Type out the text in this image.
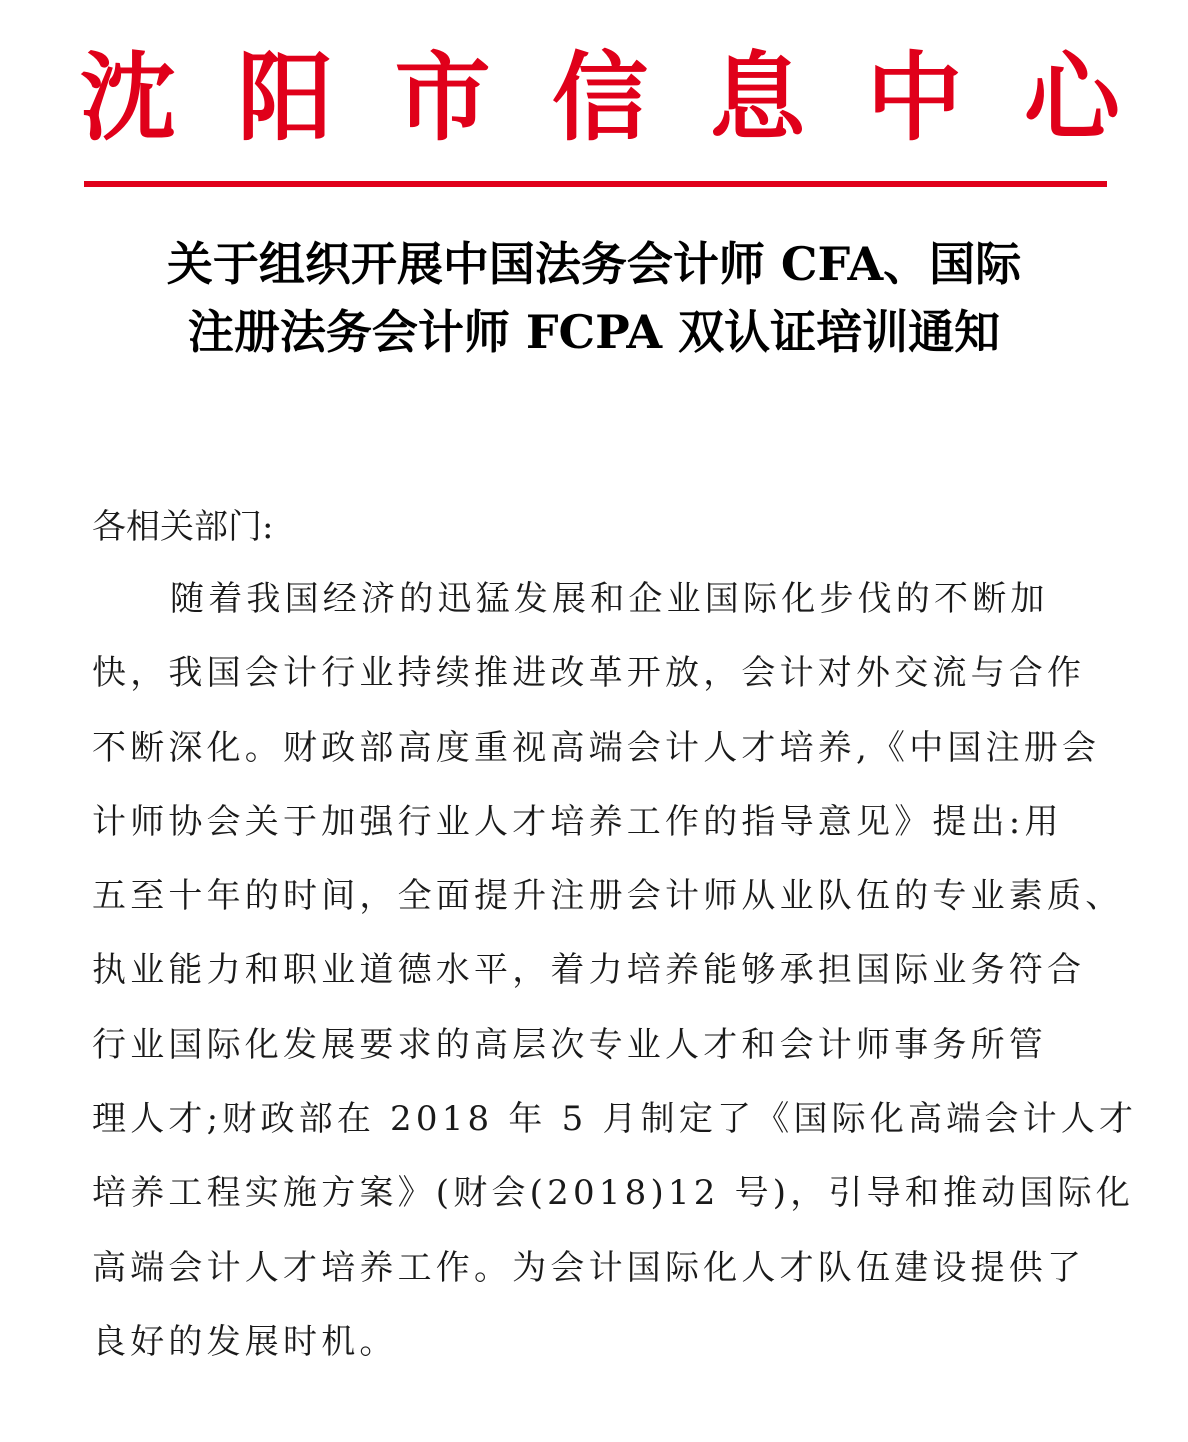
沈 阳 市 信 息 中 心
关于组织开展中国法务会计师 CFA、国际
注册法务会计师 FCPA 双认证培训通知
各相关部门:
随着我国经济的迅猛发展和企业国际化步伐的不断加
快，我国会计行业持续推进改革开放，会计对外交流与合作
不断深化。财政部高度重视高端会计人才培养,《中国注册会
计师协会关于加强行业人才培养工作的指导意见》提出:用
五至十年的时间，全面提升注册会计师从业队伍的专业素质、
执业能力和职业道德水平，着力培养能够承担国际业务符合
行业国际化发展要求的高层次专业人才和会计师事务所管
理人才;财政部在 2018 年 5 月制定了《国际化高端会计人才
培养工程实施方案》(财会(2018)12 号)，引导和推动国际化
高端会计人才培养工作。为会计国际化人才队伍建设提供了
良好的发展时机。
